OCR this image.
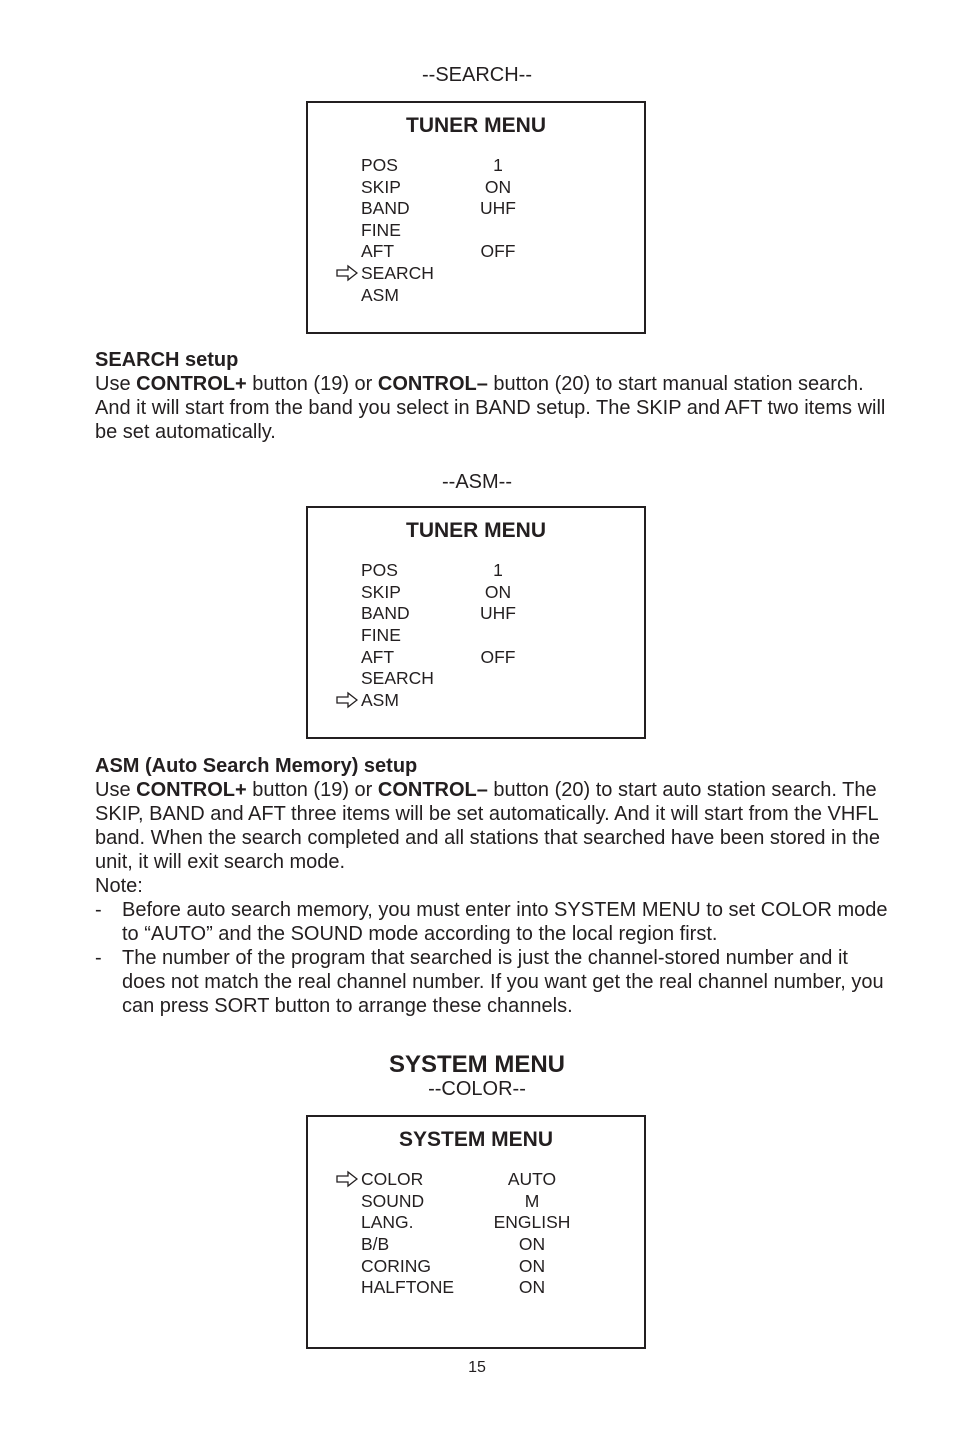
--SEARCH--
TUNER MENU
POS	1
SKIP	ON
BAND	UHF
FINE
AFT	OFF
SEARCH
ASM

SEARCH setup

Use CONTROL+ button (19) or CONTROL– button (20) to start manual station search. And it will start from the band you select in BAND setup. The SKIP and AFT two items will be set automatically.

--ASM--
TUNER MENU
POS	1
SKIP	ON
BAND	UHF
FINE
AFT	OFF
SEARCH
ASM

ASM (Auto Search Memory) setup

Use CONTROL+ button (19) or CONTROL– button (20) to start auto station search. The SKIP, BAND and AFT three items will be set automatically. And it will start from the VHFL band. When the search completed and all stations that searched have been stored in the unit, it will exit search mode.

Note:

- Before auto search memory, you must enter into SYSTEM MENU to set COLOR mode to “AUTO” and the SOUND mode according to the local region first.
- The number of the program that searched is just the channel-stored number and it does not match the real channel number. If you want get the real channel number, you can press SORT button to arrange these channels.
SYSTEM MENU
--COLOR--
SYSTEM MENU
COLOR	AUTO
SOUND	M
LANG.	ENGLISH
B/B	ON
CORING	ON
HALFTONE	ON
15
